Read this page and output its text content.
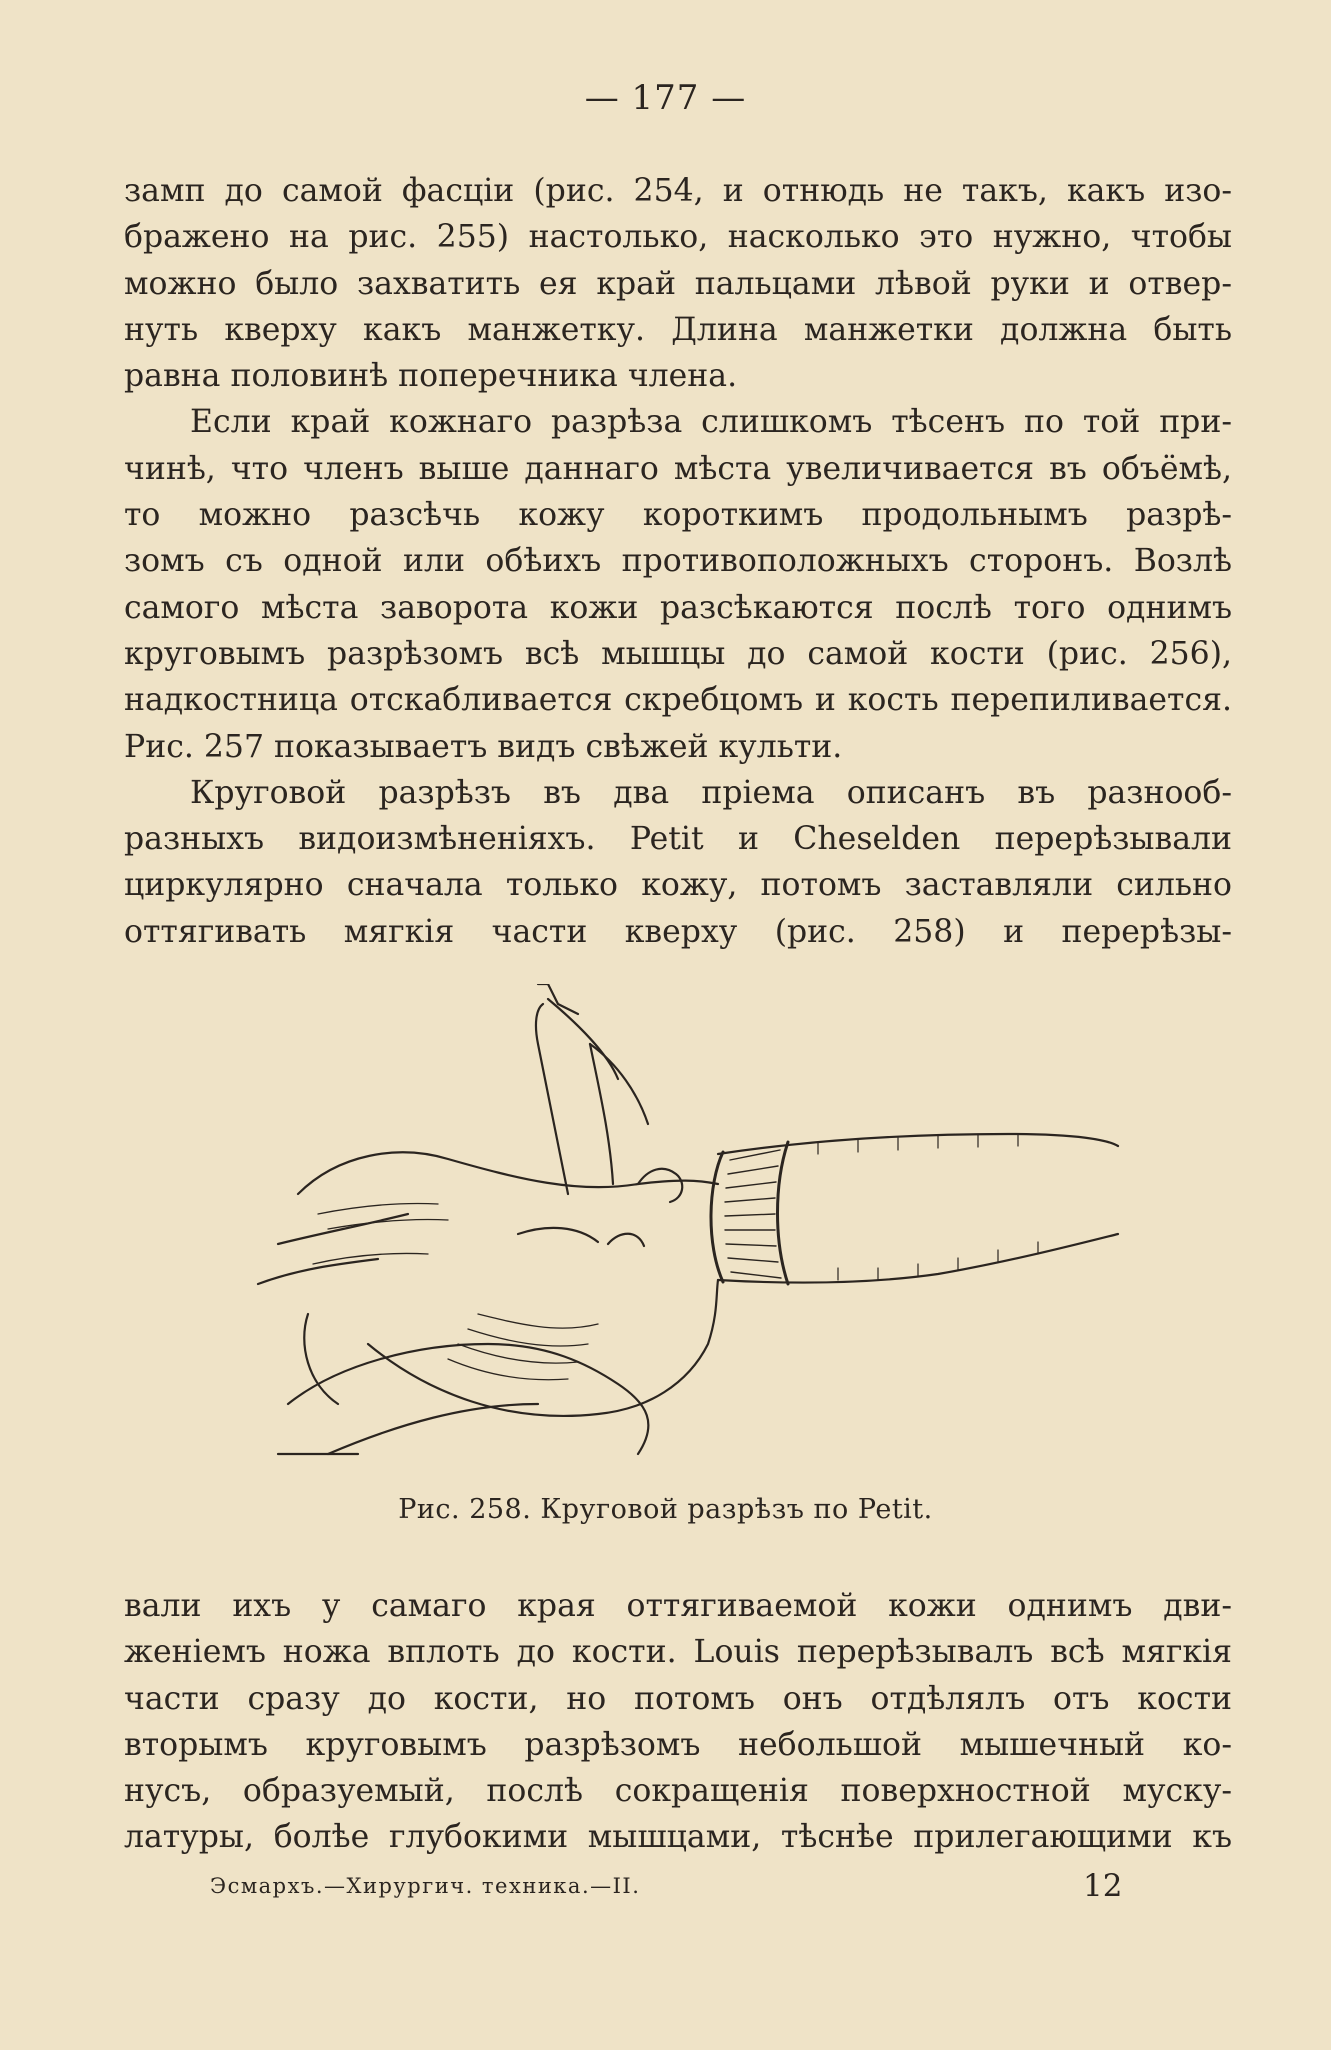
— 177 —
замп до самой фасціи (рис. 254, и отнюдь не такъ, какъ изо-
бражено на рис. 255) настолько, насколько это нужно, чтобы
можно было захватить ея край пальцами лѣвой руки и отвер-
нуть кверху какъ манжетку. Длина манжетки должна быть
равна половинѣ поперечника члена.
Если край кожнаго разрѣза слишкомъ тѣсенъ по той при-
чинѣ, что членъ выше даннаго мѣста увеличивается въ объёмѣ,
то можно разсѣчь кожу короткимъ продольнымъ разрѣ-
зомъ съ одной или обѣихъ противоположныхъ сторонъ. Возлѣ
самого мѣста заворота кожи разсѣкаются послѣ того однимъ
круговымъ разрѣзомъ всѣ мышцы до самой кости (рис. 256),
надкостница отскабливается скребцомъ и кость перепиливается.
Рис. 257 показываетъ видъ свѣжей культи.
Круговой разрѣзъ въ два пріема описанъ въ разнооб-
разныхъ видоизмѣненіяхъ. Petit и Cheselden перерѣзывали
циркулярно сначала только кожу, потомъ заставляли сильно
оттягивать мягкія части кверху (рис. 258) и перерѣзы-
Рис. 258. Круговой разрѣзъ по Petit.
вали ихъ у самаго края оттягиваемой кожи однимъ дви-
женіемъ ножа вплоть до кости. Louis перерѣзывалъ всѣ мягкія
части сразу до кости, но потомъ онъ отдѣлялъ отъ кости
вторымъ круговымъ разрѣзомъ небольшой мышечный ко-
нусъ, образуемый, послѣ сокращенія поверхностной муску-
латуры, болѣе глубокими мышцами, тѣснѣе прилегающими къ
Эсмархъ.—Хирургич. техника.—II.	12
